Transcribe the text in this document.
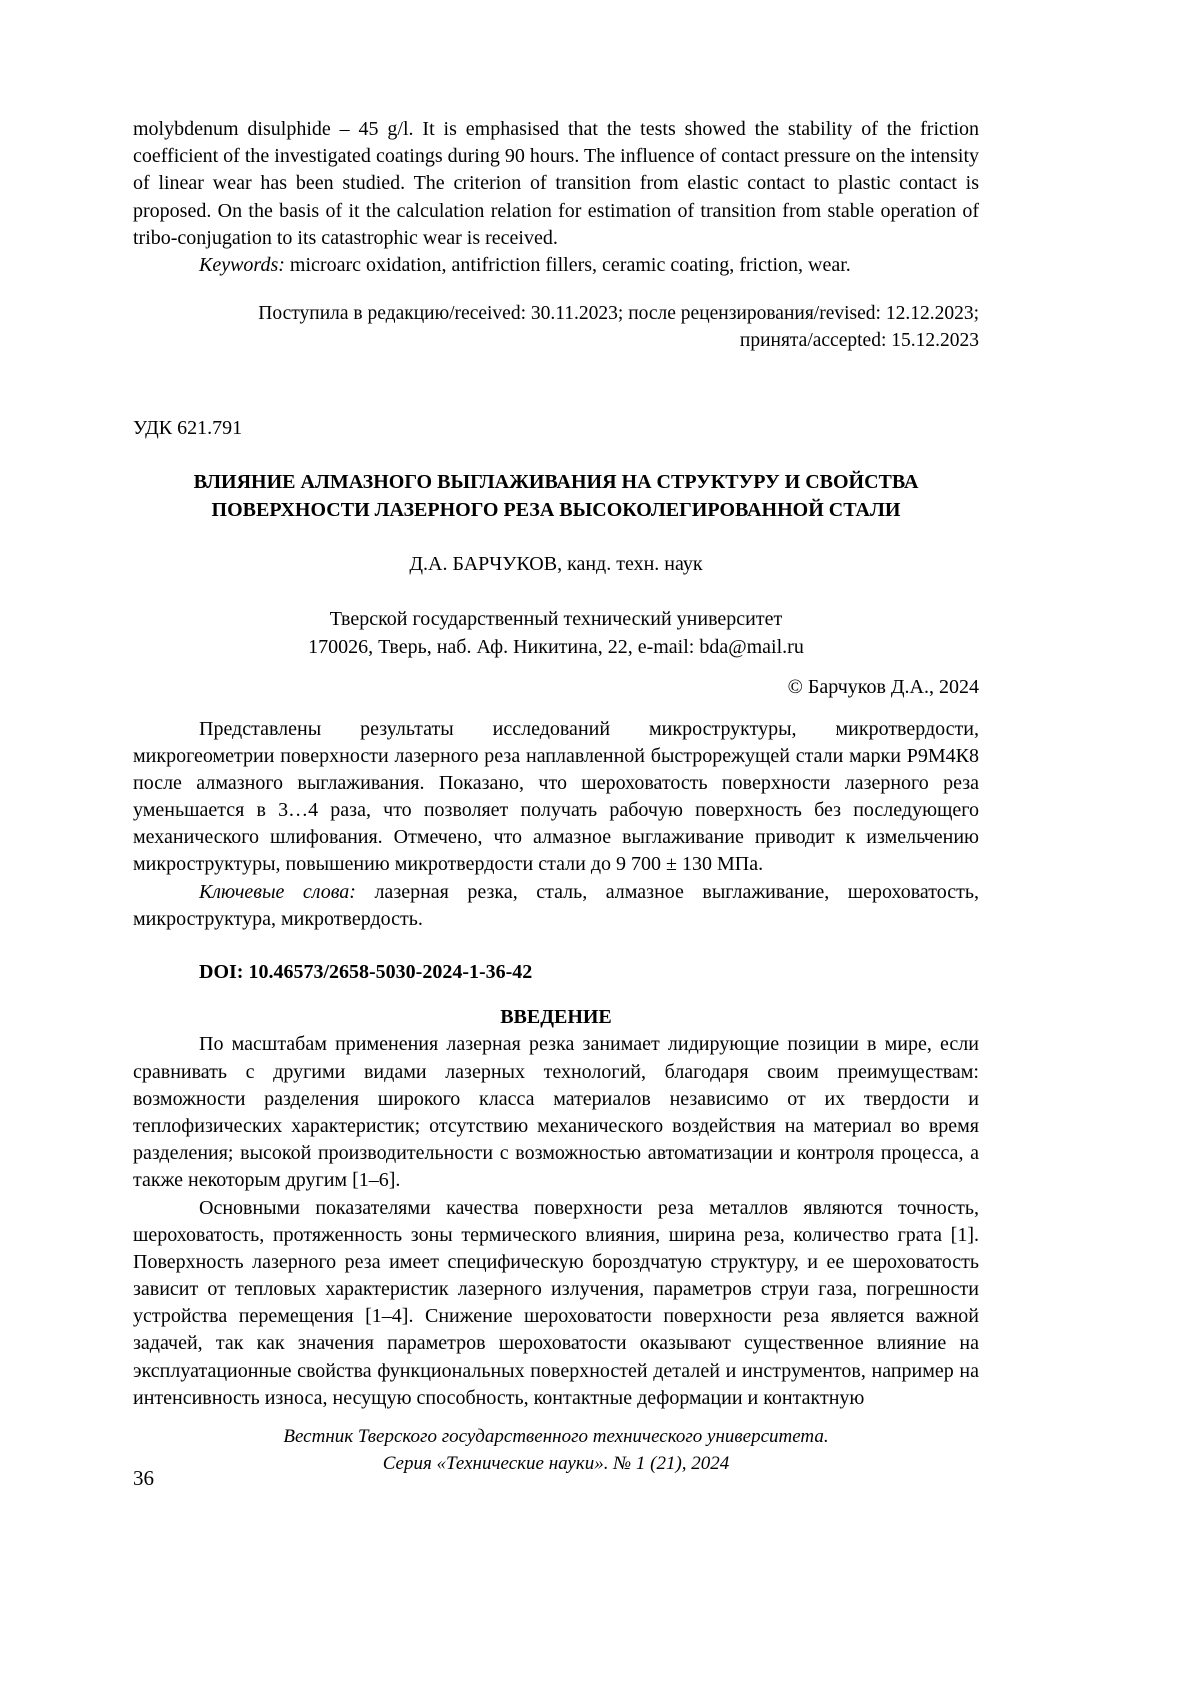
molybdenum disulphide – 45 g/l. It is emphasised that the tests showed the stability of the friction coefficient of the investigated coatings during 90 hours. The influence of contact pressure on the intensity of linear wear has been studied. The criterion of transition from elastic contact to plastic contact is proposed. On the basis of it the calculation relation for estimation of transition from stable operation of tribo-conjugation to its catastrophic wear is received.

Keywords: microarc oxidation, antifriction fillers, ceramic coating, friction, wear.

Поступила в редакцию/received: 30.11.2023; после рецензирования/revised: 12.12.2023;
принята/accepted: 15.12.2023

УДК 621.791

ВЛИЯНИЕ АЛМАЗНОГО ВЫГЛАЖИВАНИЯ НА СТРУКТУРУ И СВОЙСТВА ПОВЕРХНОСТИ ЛАЗЕРНОГО РЕЗА ВЫСОКОЛЕГИРОВАННОЙ СТАЛИ

Д.А. БАРЧУКОВ, канд. техн. наук

Тверской государственный технический университет
170026, Тверь, наб. Аф. Никитина, 22, e-mail: bda@mail.ru

© Барчуков Д.А., 2024

Представлены результаты исследований микроструктуры, микротвердости, микрогеометрии поверхности лазерного реза наплавленной быстрорежущей стали марки Р9М4К8 после алмазного выглаживания. Показано, что шероховатость поверхности лазерного реза уменьшается в 3…4 раза, что позволяет получать рабочую поверхность без последующего механического шлифования. Отмечено, что алмазное выглаживание приводит к измельчению микроструктуры, повышению микротвердости стали до 9 700 ± 130 МПа.

Ключевые слова: лазерная резка, сталь, алмазное выглаживание, шероховатость, микроструктура, микротвердость.

DOI: 10.46573/2658-5030-2024-1-36-42

ВВЕДЕНИЕ

По масштабам применения лазерная резка занимает лидирующие позиции в мире, если сравнивать с другими видами лазерных технологий, благодаря своим преимуществам: возможности разделения широкого класса материалов независимо от их твердости и теплофизических характеристик; отсутствию механического воздействия на материал во время разделения; высокой производительности с возможностью автоматизации и контроля процесса, а также некоторым другим [1–6].

Основными показателями качества поверхности реза металлов являются точность, шероховатость, протяженность зоны термического влияния, ширина реза, количество грата [1]. Поверхность лазерного реза имеет специфическую бороздчатую структуру, и ее шероховатость зависит от тепловых характеристик лазерного излучения, параметров струи газа, погрешности устройства перемещения [1–4]. Снижение шероховатости поверхности реза является важной задачей, так как значения параметров шероховатости оказывают существенное влияние на эксплуатационные свойства функциональных поверхностей деталей и инструментов, например на интенсивность износа, несущую способность, контактные деформации и контактную

Вестник Тверского государственного технического университета.
Серия «Технические науки». № 1 (21), 2024
36
